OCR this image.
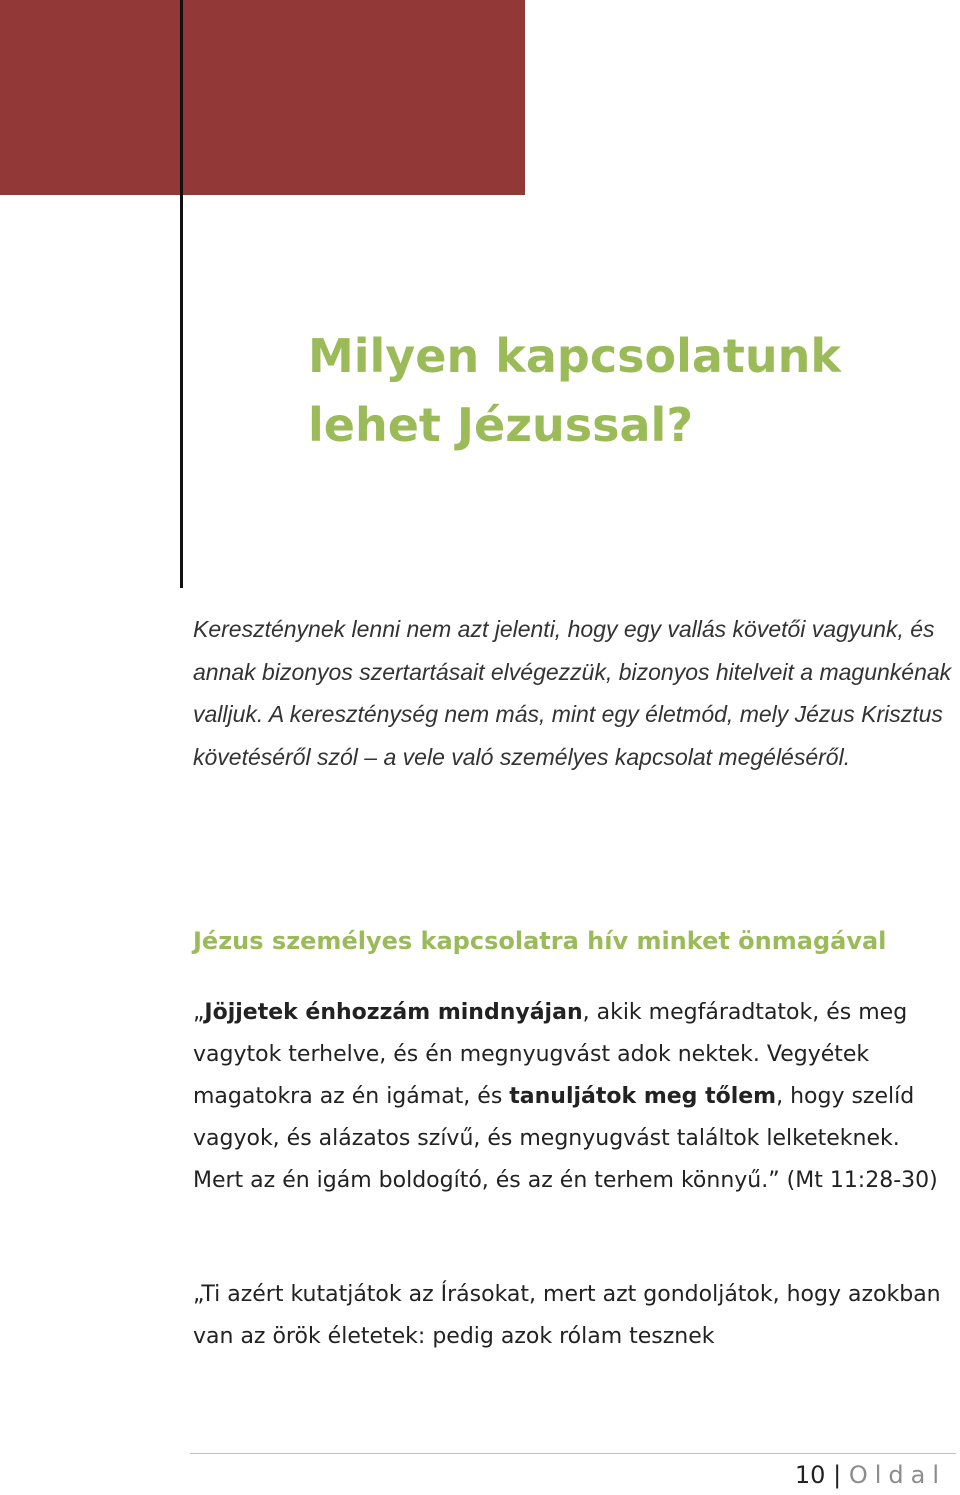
Milyen kapcsolatunk
lehet Jézussal?

Kereszténynek lenni nem azt jelenti, hogy egy vallás követői vagyunk, és annak bizonyos szertartásait elvégezzük, bizonyos hitelveit a magunkénak valljuk. A kereszténység nem más, mint egy életmód, mely Jézus Krisztus követéséről szól – a vele való személyes kapcsolat megéléséről.

Jézus személyes kapcsolatra hív minket önmagával

„Jöjjetek énhozzám mindnyájan, akik megfáradtatok, és meg vagytok terhelve, és én megnyugvást adok nektek. Vegyétek magatokra az én igámat, és tanuljátok meg tőlem, hogy szelíd vagyok, és alázatos szívű, és megnyugvást találtok lelketeknek. Mert az én igám boldogító, és az én terhem könnyű.” (Mt 11:28-30)

„Ti azért kutatjátok az Írásokat, mert azt gondoljátok, hogy azokban van az örök életetek: pedig azok rólam tesznek

10 | Oldal
